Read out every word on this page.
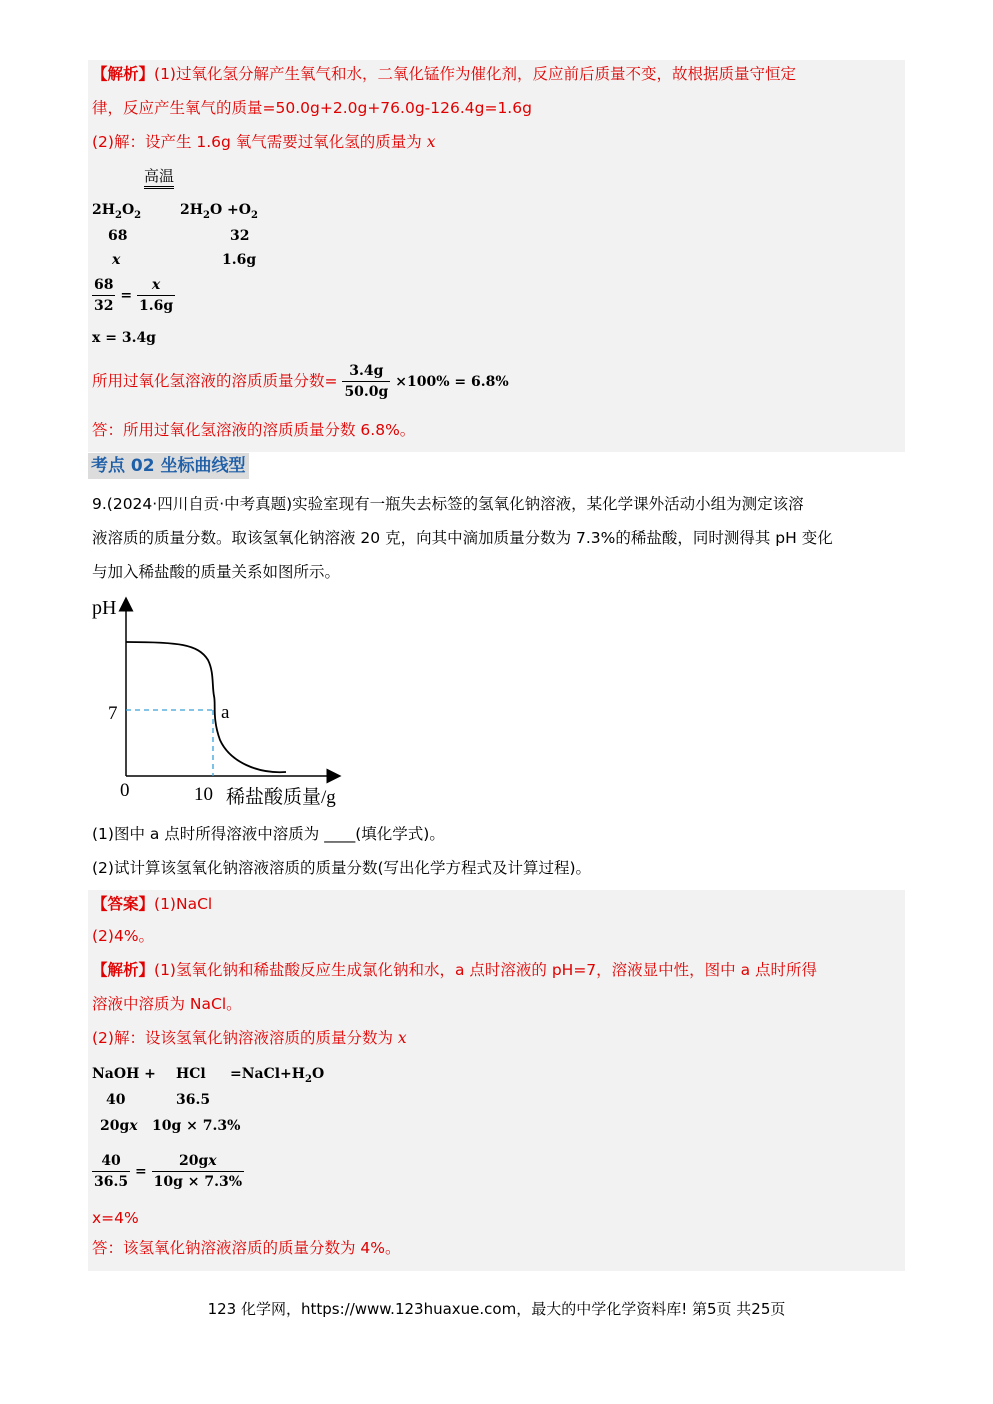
【解析】(1)过氧化氢分解产生氧气和水，二氧化锰作为催化剂，反应前后质量不变，故根据质量守恒定
律，反应产生氧气的质量=50.0g+2.0g+76.0g-126.4g=1.6g
(2)解：设产生 1.6g 氧气需要过氧化氢的质量为 x
高温
$2H_2O_2$	$2H_2O +O_2$
68	32
x	1.6g
$\frac{68}{32} = \frac{x}{1.6g}$
x = 3.4g
所用过氧化氢溶液的溶质质量分数= $\frac{3.4g}{50.0g} \times 100\% = 6.8\%$
答：所用过氧化氢溶液的溶质质量分数 6.8%。
考点 02 坐标曲线型
9.(2024·四川自贡·中考真题)实验室现有一瓶失去标签的氢氧化钠溶液，某化学课外活动小组为测定该溶
液溶质的质量分数。取该氢氧化钠溶液 20 克，向其中滴加质量分数为 7.3%的稀盐酸，同时测得其 pH 变化
与加入稀盐酸的质量关系如图所示。
pH
7	a
0	10 稀盐酸质量/g
(1)图中 a 点时所得溶液中溶质为 ____(填化学式)。
(2)试计算该氢氧化钠溶液溶质的质量分数(写出化学方程式及计算过程)。
【答案】(1)NaCl
(2)4%。
【解析】(1)氢氧化钠和稀盐酸反应生成氯化钠和水，a 点时溶液的 pH=7，溶液显中性，图中 a 点时所得
溶液中溶质为 NaCl。
(2)解：设该氢氧化钠溶液溶质的质量分数为 x
NaOH + HCl $=NaCl+H_2O$
40	36.5
20gx 10g × 7.3%
$\frac{40}{36.5} = \frac{20gx}{10g \times 7.3\%}$
x=4%
答：该氢氧化钠溶液溶质的质量分数为 4%。
123 化学网，https://www.123huaxue.com，最大的中学化学资料库! 第5页 共25页
